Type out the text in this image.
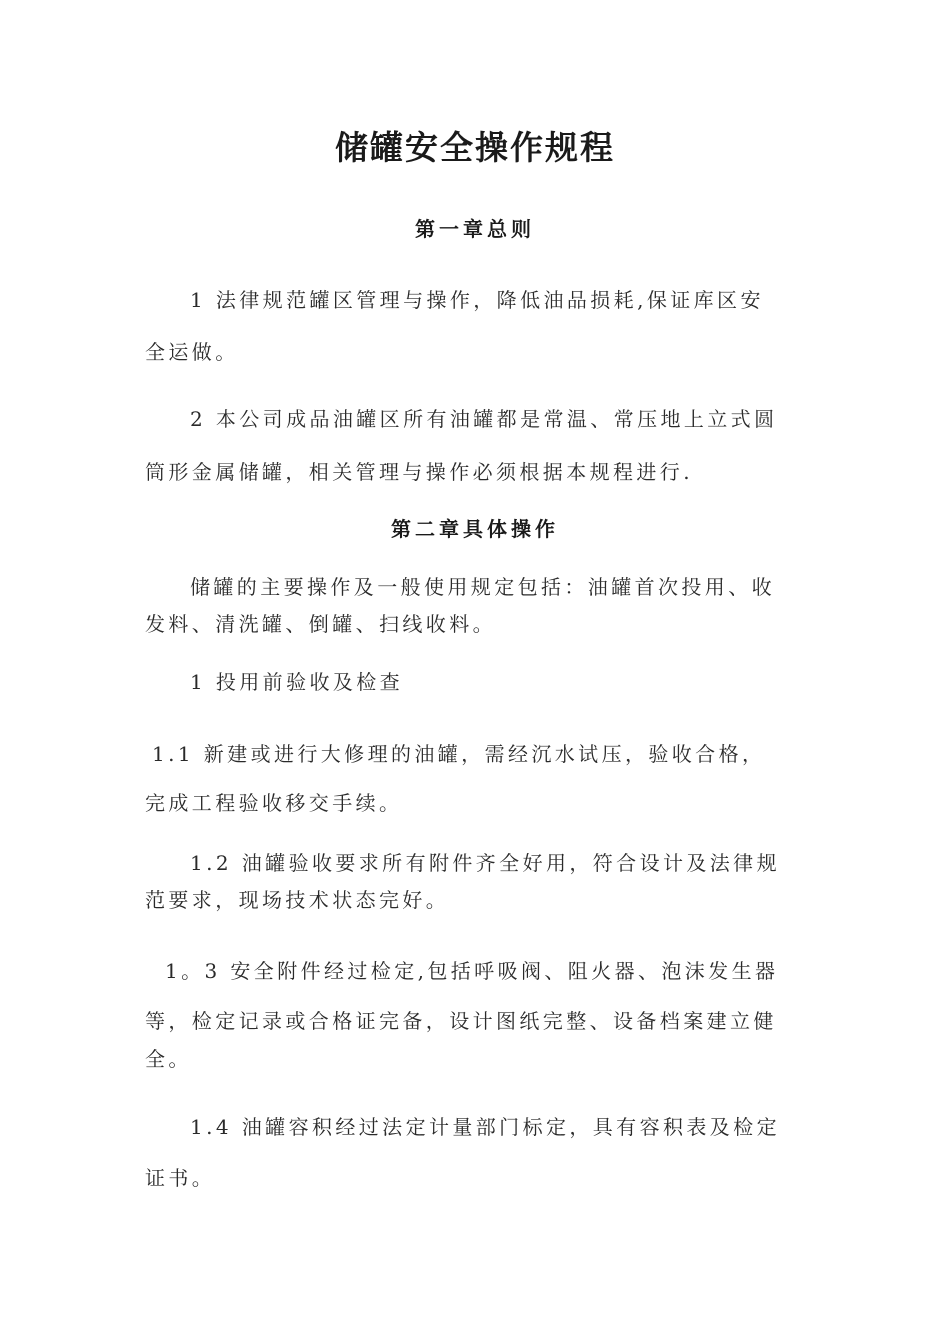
储罐安全操作规程
第一章总则
1 法律规范罐区管理与操作，降低油品损耗,保证库区安
全运做。
2 本公司成品油罐区所有油罐都是常温、常压地上立式圆
筒形金属储罐，相关管理与操作必须根据本规程进行.
第二章具体操作
储罐的主要操作及一般使用规定包括：油罐首次投用、收
发料、清洗罐、倒罐、扫线收料。
1 投用前验收及检查
1.1 新建或进行大修理的油罐，需经沉水试压，验收合格，
完成工程验收移交手续。
1.2 油罐验收要求所有附件齐全好用，符合设计及法律规
范要求，现场技术状态完好。
1。3 安全附件经过检定,包括呼吸阀、阻火器、泡沫发生器
等，检定记录或合格证完备，设计图纸完整、设备档案建立健
全。
1.4 油罐容积经过法定计量部门标定，具有容积表及检定
证书。
